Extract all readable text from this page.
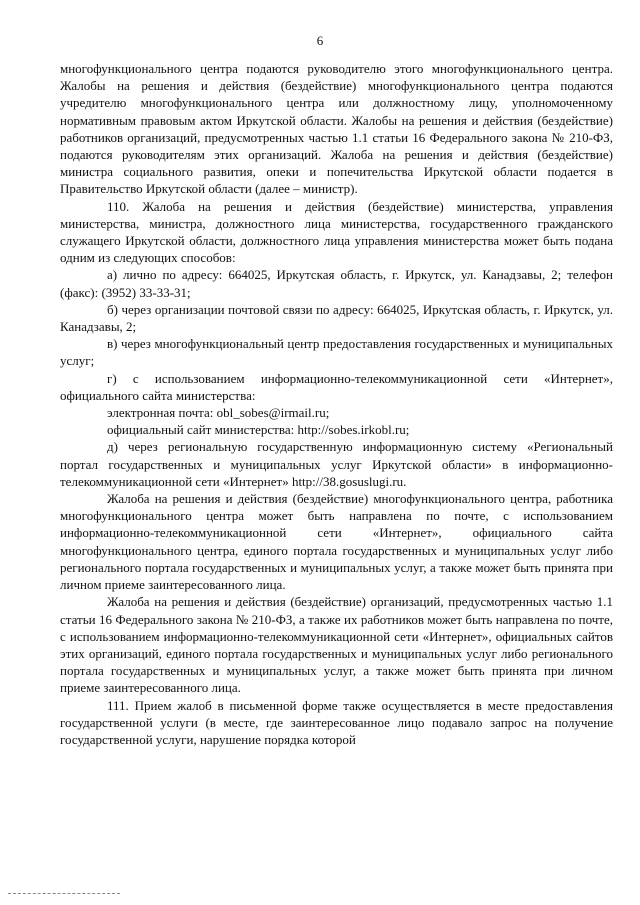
6

многофункционального центра подаются руководителю этого многофункционального центра. Жалобы на решения и действия (бездействие) многофункционального центра подаются учредителю многофункционального центра или должностному лицу, уполномоченному нормативным правовым актом Иркутской области. Жалобы на решения и действия (бездействие) работников организаций, предусмотренных частью 1.1 статьи 16 Федерального закона № 210-ФЗ, подаются руководителям этих организаций. Жалоба на решения и действия (бездействие) министра социального развития, опеки и попечительства Иркутской области подается в Правительство Иркутской области (далее – министр).

110. Жалоба на решения и действия (бездействие) министерства, управления министерства, министра, должностного лица министерства, государственного гражданского служащего Иркутской области, должностного лица управления министерства может быть подана одним из следующих способов:

а) лично по адресу: 664025, Иркутская область, г. Иркутск, ул. Канадзавы, 2; телефон (факс): (3952) 33-33-31;

б) через организации почтовой связи по адресу: 664025, Иркутская область, г. Иркутск, ул. Канадзавы, 2;

в) через многофункциональный центр предоставления государственных и муниципальных услуг;

г) с использованием информационно-телекоммуникационной сети «Интернет», официального сайта министерства:

электронная почта: obl_sobes@irmail.ru;

официальный сайт министерства: http://sobes.irkobl.ru;

д) через региональную государственную информационную систему «Региональный портал государственных и муниципальных услуг Иркутской области» в информационно-телекоммуникационной сети «Интернет» http://38.gosuslugi.ru.

Жалоба на решения и действия (бездействие) многофункционального центра, работника многофункционального центра может быть направлена по почте, с использованием информационно-телекоммуникационной сети «Интернет», официального сайта многофункционального центра, единого портала государственных и муниципальных услуг либо регионального портала государственных и муниципальных услуг, а также может быть принята при личном приеме заинтересованного лица.

Жалоба на решения и действия (бездействие) организаций, предусмотренных частью 1.1 статьи 16 Федерального закона № 210-ФЗ, а также их работников может быть направлена по почте, с использованием информационно-телекоммуникационной сети «Интернет», официальных сайтов этих организаций, единого портала государственных и муниципальных услуг либо регионального портала государственных и муниципальных услуг, а также может быть принята при личном приеме заинтересованного лица.

111. Прием жалоб в письменной форме также осуществляется в месте предоставления государственной услуги (в месте, где заинтересованное лицо подавало запрос на получение государственной услуги, нарушение порядка которой
